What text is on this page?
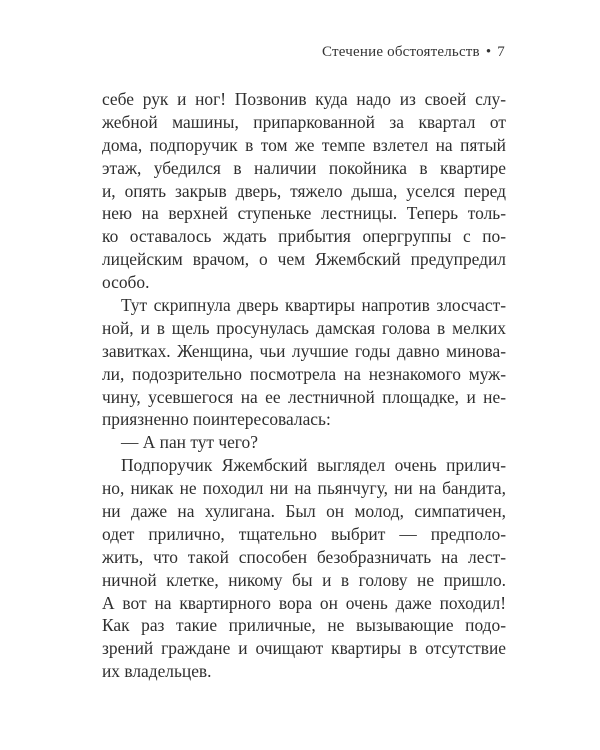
Стечение обстоятельств • 7
себе рук и ног! Позвонив куда надо из своей слу-
жебной машины, припаркованной за квартал от
дома, подпоручик в том же темпе взлетел на пятый
этаж, убедился в наличии покойника в квартире
и, опять закрыв дверь, тяжело дыша, уселся перед
нею на верхней ступеньке лестницы. Теперь толь-
ко оставалось ждать прибытия опергруппы с по-
лицейским врачом, о чем Яжембский предупредил
особо.
Тут скрипнула дверь квартиры напротив злосчаст-
ной, и в щель просунулась дамская голова в мелких
завитках. Женщина, чьи лучшие годы давно минова-
ли, подозрительно посмотрела на незнакомого муж-
чину, усевшегося на ее лестничной площадке, и не-
приязненно поинтересовалась:
— А пан тут чего?
Подпоручик Яжембский выглядел очень прилич-
но, никак не походил ни на пьянчугу, ни на бандита,
ни даже на хулигана. Был он молод, симпатичен,
одет прилично, тщательно выбрит — предполо-
жить, что такой способен безобразничать на лест-
ничной клетке, никому бы и в голову не пришло.
А вот на квартирного вора он очень даже походил!
Как раз такие приличные, не вызывающие подо-
зрений граждане и очищают квартиры в отсутствие
их владельцев.
